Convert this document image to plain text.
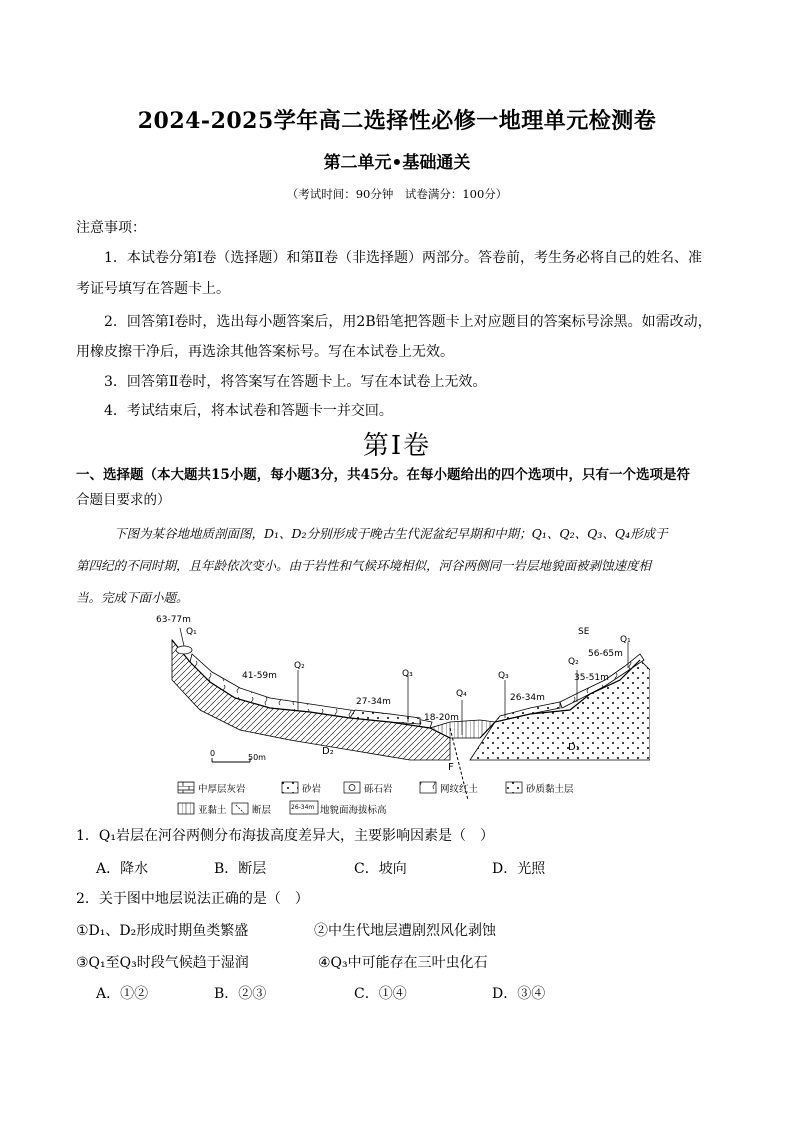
2024-2025学年高二选择性必修一地理单元检测卷
第二单元•基础通关
（考试时间：90分钟　试卷满分：100分）
注意事项：
1．本试卷分第Ⅰ卷（选择题）和第Ⅱ卷（非选择题）两部分。答卷前，考生务必将自己的姓名、准
考证号填写在答题卡上。
2．回答第Ⅰ卷时，选出每小题答案后，用2B铅笔把答题卡上对应题目的答案标号涂黑。如需改动，
用橡皮擦干净后，再选涂其他答案标号。写在本试卷上无效。
3．回答第Ⅱ卷时，将答案写在答题卡上。写在本试卷上无效。
4．考试结束后，将本试卷和答题卡一并交回。
第Ⅰ卷
一、选择题（本大题共15小题，每小题3分，共45分。在每小题给出的四个选项中，只有一个选项是符
合题目要求的）
下图为某谷地地质剖面图，D₁、D₂分别形成于晚古生代泥盆纪早期和中期；Q₁、Q₂、Q₃、Q₄形成于
第四纪的不同时期，且年龄依次变小。由于岩性和气候环境相似，河谷两侧同一岩层地貌面被剥蚀速度相
当。完成下面小题。
63-77m
Q₁
41-59m
Q₂
27-34m
Q₃
Q₄
18-20m
Q₃
26-34m
Q₂
35-51m
56-65m
Q₁
SE
D₂	D₁
F
0	50m
中厚层灰岩	砂岩	砾石岩	网纹红土	砂质黏土层
亚黏土	断层	26-34m 地貌面海拔标高
1．Q₁岩层在河谷两侧分布海拔高度差异大，主要影响因素是（　）
A．降水	B．断层	C．坡向	D．光照
2．关于图中地层说法正确的是（　）
①D₁、D₂形成时期鱼类繁盛	②中生代地层遭剧烈风化剥蚀
③Q₁至Q₃时段气候趋于湿润	④Q₃中可能存在三叶虫化石
A．①②	B．②③	C．①④	D．③④
